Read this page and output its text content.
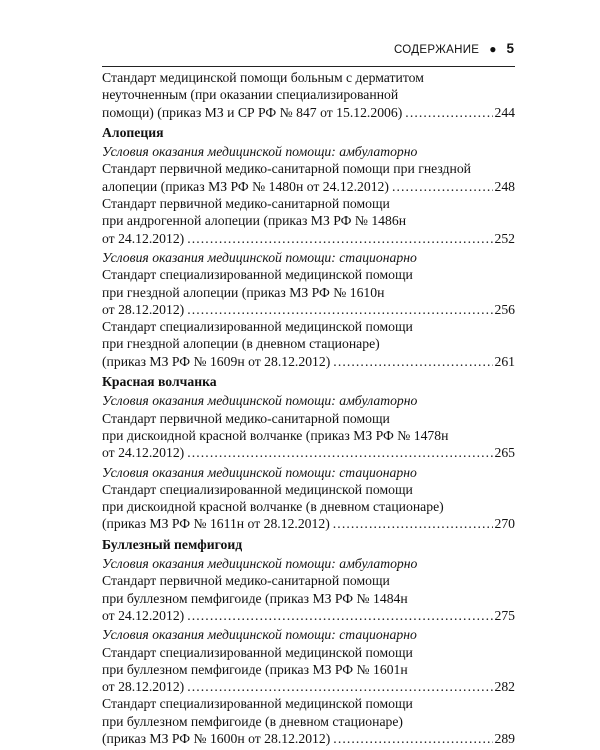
СОДЕРЖАНИЕ ● 5
Стандарт медицинской помощи больным с дерматитом
неуточненным (при оказании специализированной
помощи) (приказ МЗ и СР РФ № 847 от 15.12.2006) .....	244
Алопеция
Условия оказания медицинской помощи: амбулаторно
Стандарт первичной медико-санитарной помощи при гнездной
алопеции (приказ МЗ РФ № 1480н от 24.12.2012) .....	248
Стандарт первичной медико-санитарной помощи
при андрогенной алопеции (приказ МЗ РФ № 1486н
от 24.12.2012) .....	252
Условия оказания медицинской помощи: стационарно
Стандарт специализированной медицинской помощи
при гнездной алопеции (приказ МЗ РФ № 1610н
от 28.12.2012) .....	256
Стандарт специализированной медицинской помощи
при гнездной алопеции (в дневном стационаре)
(приказ МЗ РФ № 1609н от 28.12.2012) .....	261
Красная волчанка
Условия оказания медицинской помощи: амбулаторно
Стандарт первичной медико-санитарной помощи
при дискоидной красной волчанке (приказ МЗ РФ № 1478н
от 24.12.2012) .....	265
Условия оказания медицинской помощи: стационарно
Стандарт специализированной медицинской помощи
при дискоидной красной волчанке (в дневном стационаре)
(приказ МЗ РФ № 1611н от 28.12.2012) .....	270
Буллезный пемфигоид
Условия оказания медицинской помощи: амбулаторно
Стандарт первичной медико-санитарной помощи
при буллезном пемфигоиде (приказ МЗ РФ № 1484н
от 24.12.2012) .....	275
Условия оказания медицинской помощи: стационарно
Стандарт специализированной медицинской помощи
при буллезном пемфигоиде (приказ МЗ РФ № 1601н
от 28.12.2012) .....	282
Стандарт специализированной медицинской помощи
при буллезном пемфигоиде (в дневном стационаре)
(приказ МЗ РФ № 1600н от 28.12.2012) .....	289
